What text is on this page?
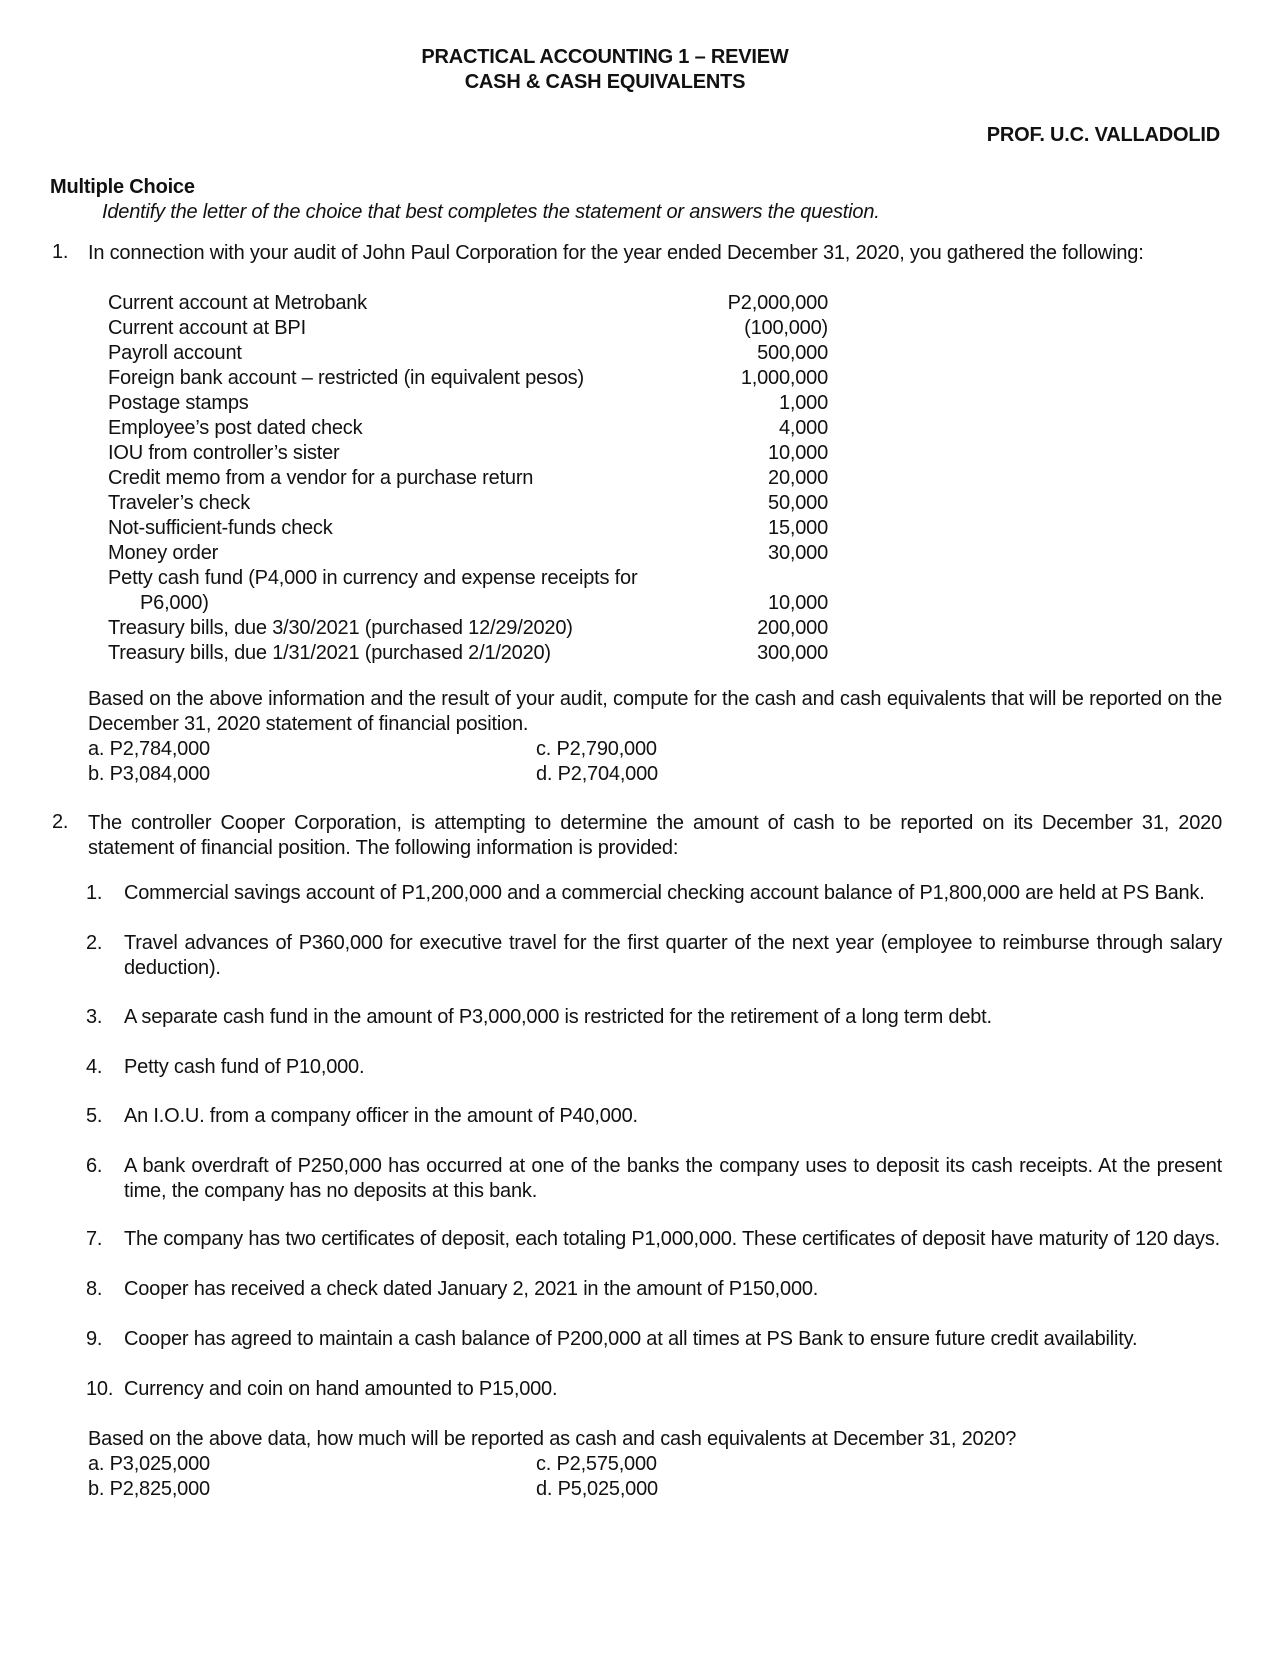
PRACTICAL ACCOUNTING 1 – REVIEW
CASH & CASH EQUIVALENTS
PROF. U.C. VALLADOLID
Multiple Choice
Identify the letter of the choice that best completes the statement or answers the question.
1. In connection with your audit of John Paul Corporation for the year ended December 31, 2020, you gathered the following:
Current account at Metrobank	P2,000,000
Current account at BPI	(100,000)
Payroll account	500,000
Foreign bank account – restricted (in equivalent pesos)	1,000,000
Postage stamps	1,000
Employee’s post dated check	4,000
IOU from controller’s sister	10,000
Credit memo from a vendor for a purchase return	20,000
Traveler’s check	50,000
Not-sufficient-funds check	15,000
Money order	30,000
Petty cash fund (P4,000 in currency and expense receipts for
P6,000)	10,000
Treasury bills, due 3/30/2021 (purchased 12/29/2020)	200,000
Treasury bills, due 1/31/2021 (purchased 2/1/2020)	300,000
Based on the above information and the result of your audit, compute for the cash and cash equivalents that will be reported on the December 31, 2020 statement of financial position.
a. P2,784,000
b. P3,084,000
c. P2,790,000
d. P2,704,000
2. The controller Cooper Corporation, is attempting to determine the amount of cash to be reported on its December 31, 2020 statement of financial position. The following information is provided:
1. Commercial savings account of P1,200,000 and a commercial checking account balance of P1,800,000 are held at PS Bank.
2. Travel advances of P360,000 for executive travel for the first quarter of the next year (employee to reimburse through salary deduction).
3. A separate cash fund in the amount of P3,000,000 is restricted for the retirement of a long term debt.
4. Petty cash fund of P10,000.
5. An I.O.U. from a company officer in the amount of P40,000.
6. A bank overdraft of P250,000 has occurred at one of the banks the company uses to deposit its cash receipts. At the present time, the company has no deposits at this bank.
7. The company has two certificates of deposit, each totaling P1,000,000. These certificates of deposit have maturity of 120 days.
8. Cooper has received a check dated January 2, 2021 in the amount of P150,000.
9. Cooper has agreed to maintain a cash balance of P200,000 at all times at PS Bank to ensure future credit availability.
10. Currency and coin on hand amounted to P15,000.
Based on the above data, how much will be reported as cash and cash equivalents at December 31, 2020?
a. P3,025,000
b. P2,825,000
c. P2,575,000
d. P5,025,000
